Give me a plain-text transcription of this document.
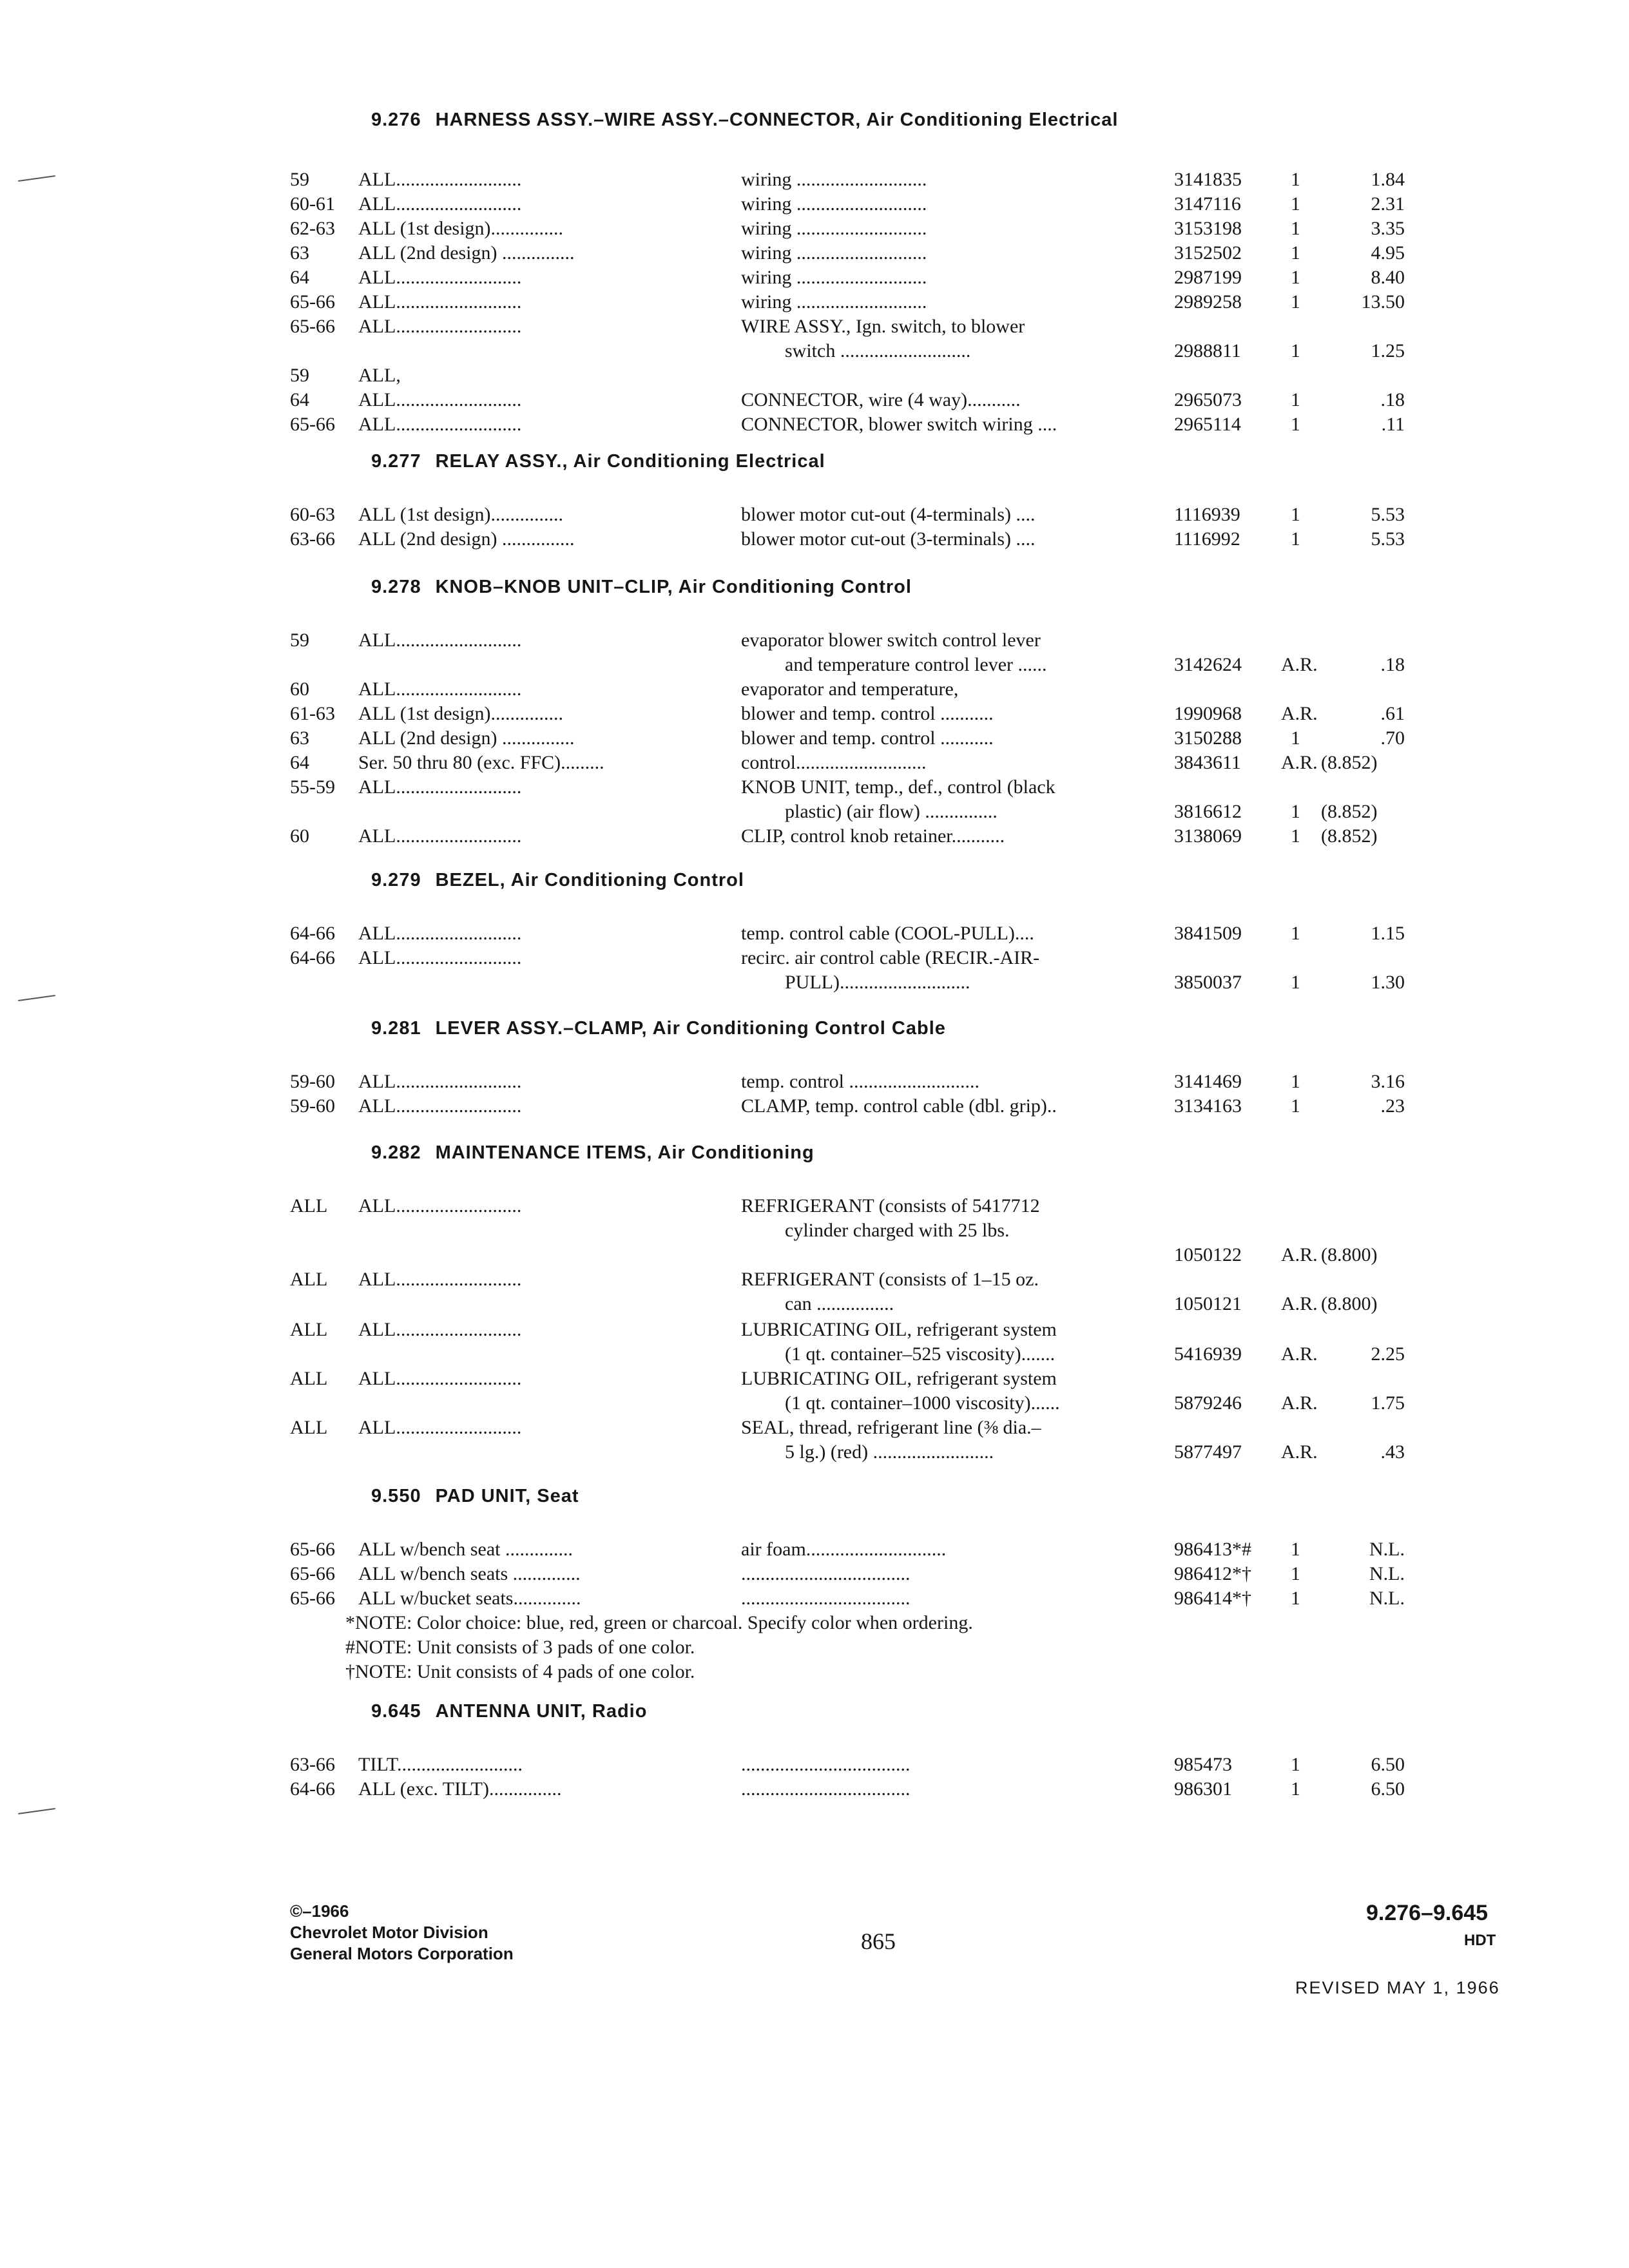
9.276 HARNESS ASSY.–WIRE ASSY.–CONNECTOR, Air Conditioning Electrical
59	ALL..........................	wiring ...........................	3141835	1	1.84
60-61 ALL..........................	wiring ...........................	3147116	1	2.31
62-63 ALL (1st design)...............	wiring ...........................	3153198	1	3.35
63	ALL (2nd design) ...............	wiring ...........................	3152502	1	4.95
64	ALL..........................	wiring ...........................	2987199	1	8.40
65-66 ALL..........................	wiring ...........................	2989258	1	13.50
65-66 ALL..........................	WIRE ASSY., Ign. switch, to blower
switch ...........................	2988811	1	1.25
59	ALL,
64	ALL..........................	CONNECTOR, wire (4 way)...........	2965073	1	.18
65-66 ALL..........................	CONNECTOR, blower switch wiring ....	2965114	1	.11
9.277 RELAY ASSY., Air Conditioning Electrical
60-63 ALL (1st design)...............	blower motor cut-out (4-terminals) ....	1116939	1	5.53
63-66 ALL (2nd design) ...............	blower motor cut-out (3-terminals) ....	1116992	1	5.53
9.278 KNOB–KNOB UNIT–CLIP, Air Conditioning Control
59	ALL..........................	evaporator blower switch control lever
and temperature control lever ......	3142624 A.R.	.18
60	ALL..........................	evaporator and temperature,
61-63 ALL (1st design)...............	blower and temp. control ...........	1990968 A.R.	.61
63	ALL (2nd design) ...............	blower and temp. control ...........	3150288	1	.70
64	Ser. 50 thru 80 (exc. FFC).........	control...........................	3843611 A.R. (8.852)
55-59 ALL..........................	KNOB UNIT, temp., def., control (black
plastic) (air flow) ...............	3816612	1 (8.852)
60	ALL..........................	CLIP, control knob retainer...........	3138069	1 (8.852)
9.279 BEZEL, Air Conditioning Control
64-66 ALL..........................	temp. control cable (COOL-PULL)....	3841509	1	1.15
64-66 ALL..........................	recirc. air control cable (RECIR.-AIR-
PULL)...........................	3850037	1	1.30
9.281 LEVER ASSY.–CLAMP, Air Conditioning Control Cable
59-60 ALL..........................	temp. control ...........................	3141469	1	3.16
59-60 ALL..........................	CLAMP, temp. control cable (dbl. grip)..	3134163	1	.23
9.282 MAINTENANCE ITEMS, Air Conditioning
ALL ALL..........................	REFRIGERANT (consists of 5417712
cylinder charged with 25 lbs.
1050122 A.R. (8.800)
ALL ALL..........................	REFRIGERANT (consists of 1–15 oz.
can ................	1050121 A.R. (8.800)
ALL ALL..........................	LUBRICATING OIL, refrigerant system
(1 qt. container–525 viscosity).......	5416939 A.R.	2.25
ALL ALL..........................	LUBRICATING OIL, refrigerant system
(1 qt. container–1000 viscosity)......	5879246 A.R.	1.75
ALL ALL..........................	SEAL, thread, refrigerant line (⅜ dia.–
5 lg.) (red) .........................	5877497 A.R.	.43
9.550 PAD UNIT, Seat
65-66 ALL w/bench seat ..............	air foam.............................	986413*# 1	N.L.
65-66 ALL w/bench seats ..............	...................................	986412*† 1	N.L.
65-66 ALL w/bucket seats..............	...................................	986414*† 1	N.L.
*NOTE: Color choice: blue, red, green or charcoal. Specify color when ordering.
#NOTE: Unit consists of 3 pads of one color.
†NOTE: Unit consists of 4 pads of one color.
9.645 ANTENNA UNIT, Radio
63-66 TILT..........................	...................................	985473	1	6.50
64-66 ALL (exc. TILT)...............	...................................	986301	1	6.50
©–1966
Chevrolet Motor Division
General Motors Corporation	865
9.276–9.645
HDT
REVISED MAY 1, 1966
